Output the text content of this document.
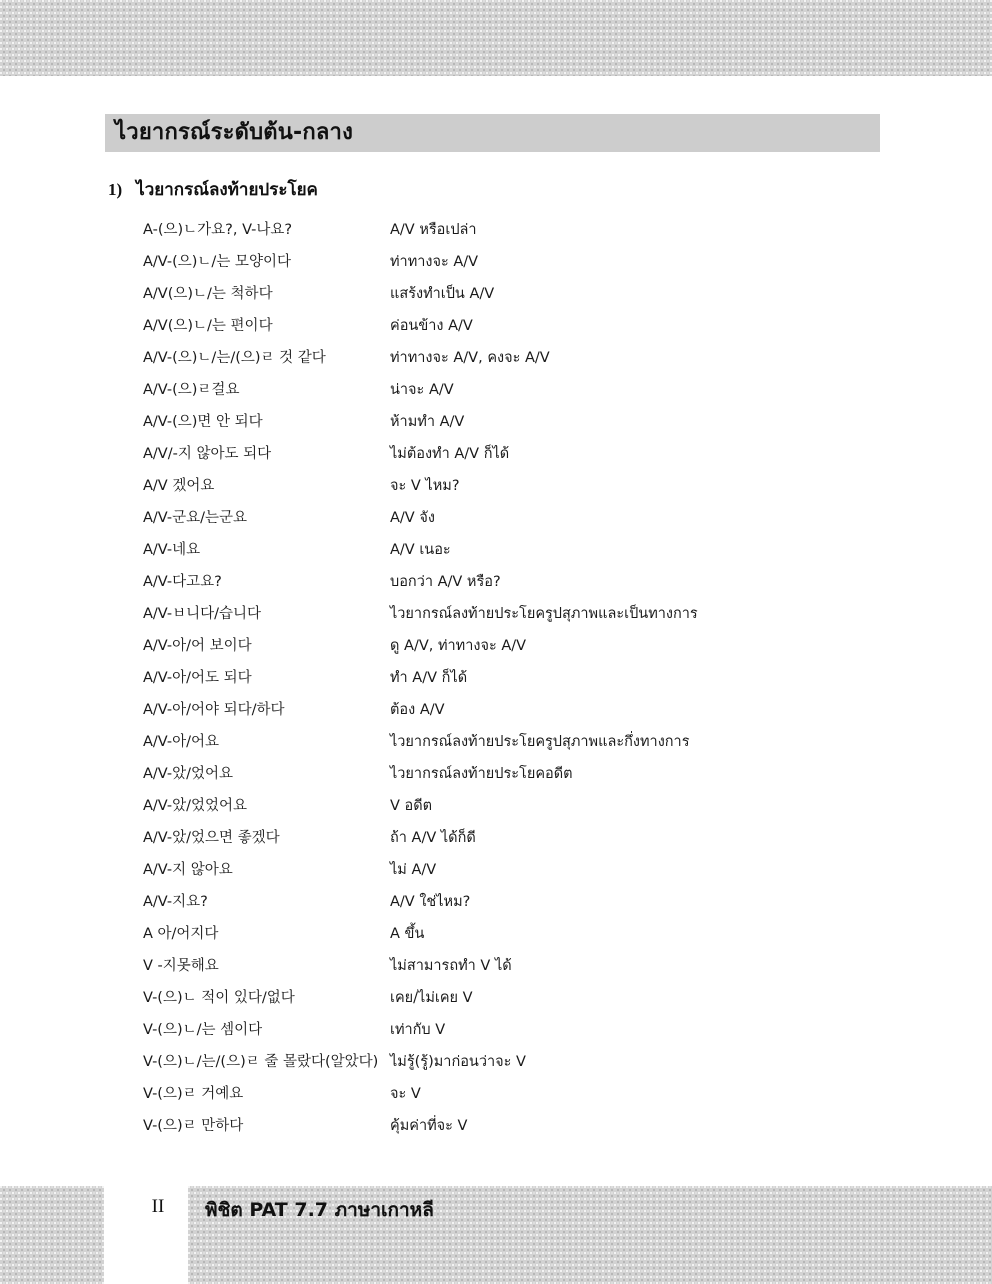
ไวยากรณ์ระดับต้น-กลาง
1) ไวยากรณ์ลงท้ายประโยค
A-(으)ㄴ가요?, V-나요?	A/V หรือเปล่า
A/V-(으)ㄴ/는 모양이다	ท่าทางจะ A/V
A/V(으)ㄴ/는 척하다	แสร้งทำเป็น A/V
A/V(으)ㄴ/는 편이다	ค่อนข้าง A/V
A/V-(으)ㄴ/는/(으)ㄹ 것 같다	ท่าทางจะ A/V, คงจะ A/V
A/V-(으)ㄹ걸요	น่าจะ A/V
A/V-(으)면 안 되다	ห้ามทำ A/V
A/V/-지 않아도 되다	ไม่ต้องทำ A/V ก็ได้
A/V 겠어요	จะ V ไหม?
A/V-군요/는군요	A/V จัง
A/V-네요	A/V เนอะ
A/V-다고요?	บอกว่า A/V หรือ?
A/V-ㅂ니다/습니다	ไวยากรณ์ลงท้ายประโยครูปสุภาพและเป็นทางการ
A/V-아/어 보이다	ดู A/V, ท่าทางจะ A/V
A/V-아/어도 되다	ทำ A/V ก็ได้
A/V-아/어야 되다/하다	ต้อง A/V
A/V-아/어요	ไวยากรณ์ลงท้ายประโยครูปสุภาพและกึ่งทางการ
A/V-았/었어요	ไวยากรณ์ลงท้ายประโยคอดีต
A/V-았/었었어요	V อดีต
A/V-았/었으면 좋겠다	ถ้า A/V ได้ก็ดี
A/V-지 않아요	ไม่ A/V
A/V-지요?	A/V ใช่ไหม?
A 아/어지다	A ขึ้น
V -지못해요	ไม่สามารถทำ V ได้
V-(으)ㄴ 적이 있다/없다	เคย/ไม่เคย V
V-(으)ㄴ/는 셈이다	เท่ากับ V
V-(으)ㄴ/는/(으)ㄹ 줄 몰랐다(알았다) ไม่รู้(รู้)มาก่อนว่าจะ V
V-(으)ㄹ 거예요	จะ V
V-(으)ㄹ 만하다	คุ้มค่าที่จะ V
II	พิชิต PAT 7.7 ภาษาเกาหลี
